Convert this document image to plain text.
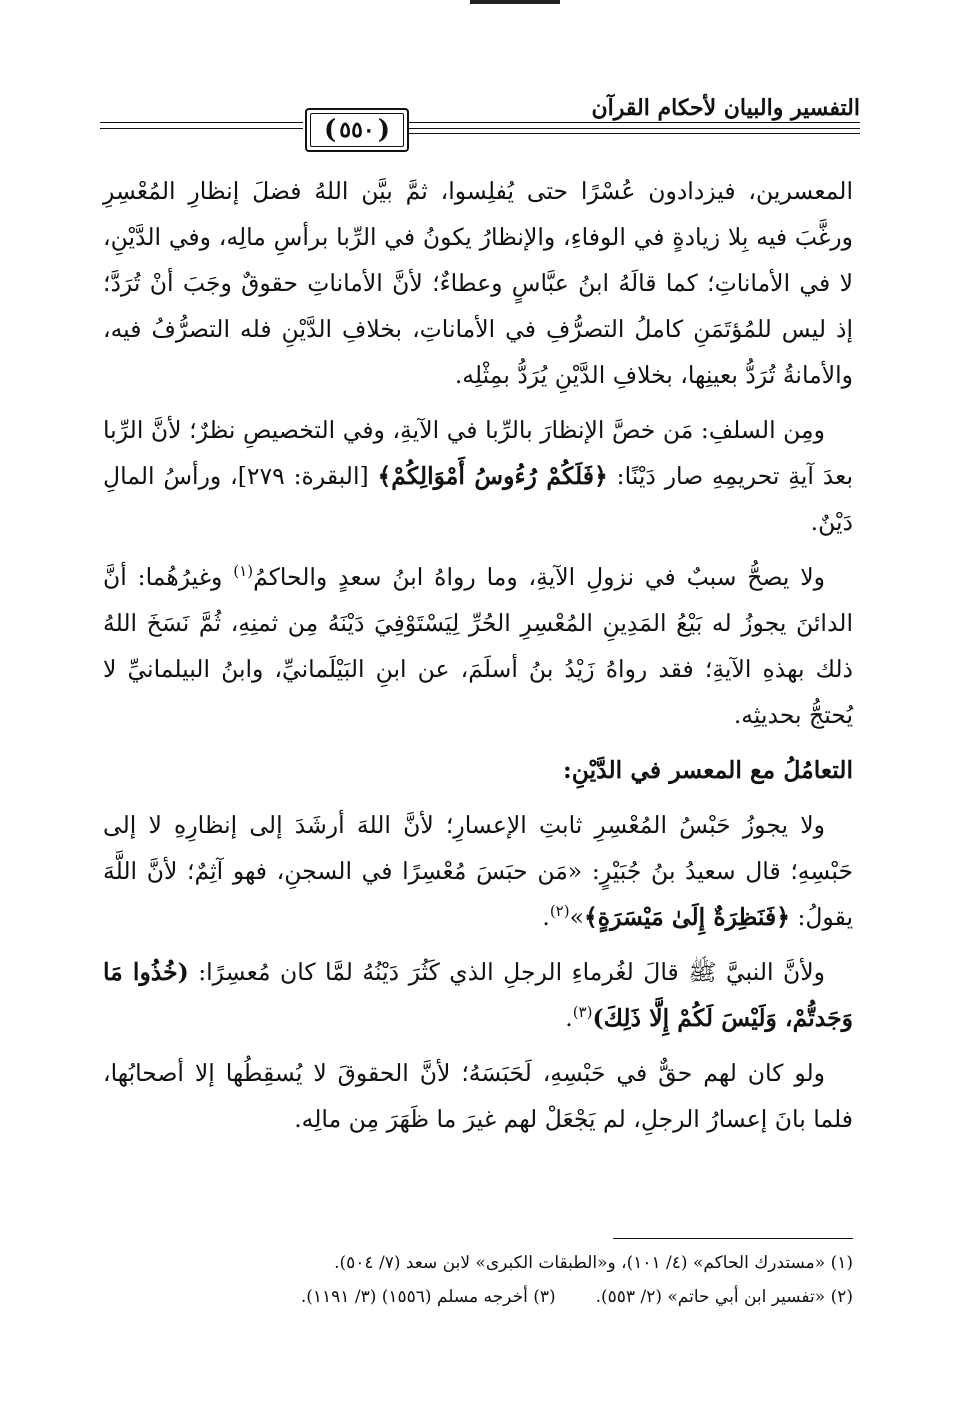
التفسير والبيان لأحكام القرآن
(
٥٥٠
)

المعسرين، فيزدادون عُسْرًا حتى يُفلِسوا، ثمَّ بيَّن اللهُ فضلَ إنظارِ المُعْسِرِ ورغَّبَ فيه بِلا زيادةٍ في الوفاءِ، والإنظارُ يكونُ في الرِّبا برأسِ مالِه، وفي الدَّيْنِ، لا في الأماناتِ؛ كما قالَهُ ابنُ عبَّاسٍ وعطاءٌ؛ لأنَّ الأماناتِ حقوقٌ وجَبَ أنْ تُرَدَّ؛ إذ ليس للمُؤتَمَنِ كاملُ التصرُّفِ في الأماناتِ، بخلافِ الدَّيْنِ فله التصرُّفُ فيه، والأمانةُ تُرَدُّ بعينِها، بخلافِ الدَّيْنِ يُرَدُّ بمِثْلِه.

ومِن السلفِ: مَن خصَّ الإنظارَ بالرِّبا في الآيةِ، وفي التخصيصِ نظرٌ؛ لأنَّ الرِّبا بعدَ آيةِ تحريمِهِ صار دَيْنًا: ﴿فَلَكُمْ رُءُوسُ أَمْوَالِكُمْ﴾ [البقرة: ٢٧٩]، ورأسُ المالِ دَيْنٌ.

ولا يصحُّ سببٌ في نزولِ الآيةِ، وما رواهُ ابنُ سعدٍ والحاكمُ$^{(١)}$ وغيرُهُما: أنَّ الدائنَ يجوزُ له بَيْعُ المَدِينِ المُعْسِرِ الحُرِّ لِيَسْتَوْفِيَ دَيْنَهُ مِن ثمنِهِ، ثُمَّ نَسَخَ اللهُ ذلك بهذهِ الآيةِ؛ فقد رواهُ زَيْدُ بنُ أسلَمَ، عن ابنِ البَيْلَمانيِّ، وابنُ البيلمانيِّ لا يُحتجُّ بحديثِه.

التعامُلُ مع المعسر في الدَّيْنِ:

ولا يجوزُ حَبْسُ المُعْسِرِ ثابتِ الإعسارِ؛ لأنَّ اللهَ أرشَدَ إلى إنظارِهِ لا إلى حَبْسِهِ؛ قال سعيدُ بنُ جُبَيْرٍ: «مَن حبَسَ مُعْسِرًا في السجنِ، فهو آثِمٌ؛ لأنَّ اللَّهَ يقولُ: ﴿فَنَظِرَةٌ إِلَىٰ مَيْسَرَةٍ﴾»$^{(٢)}$.

ولأنَّ النبيَّ ﷺ قالَ لغُرماءِ الرجلِ الذي كَثُرَ دَيْنُهُ لمَّا كان مُعسِرًا: (خُذُوا مَا وَجَدتُّمْ، وَلَيْسَ لَكُمْ إِلَّا ذَلِكَ)$^{(٣)}$.

ولو كان لهم حقٌّ في حَبْسِهِ، لَحَبَسَهُ؛ لأنَّ الحقوقَ لا يُسقِطُها إلا أصحابُها، فلما بانَ إعسارُ الرجلِ، لم يَجْعَلْ لهم غيرَ ما ظَهَرَ مِن مالِه.

(١) «مستدرك الحاكم» (٤/ ١٠١)، و«الطبقات الكبرى» لابن سعد (٧/ ٥٠٤).
(٢) «تفسير ابن أبي حاتم» (٢/ ٥٥٣).(٣) أخرجه مسلم (١٥٥٦) (٣/ ١١٩١).
